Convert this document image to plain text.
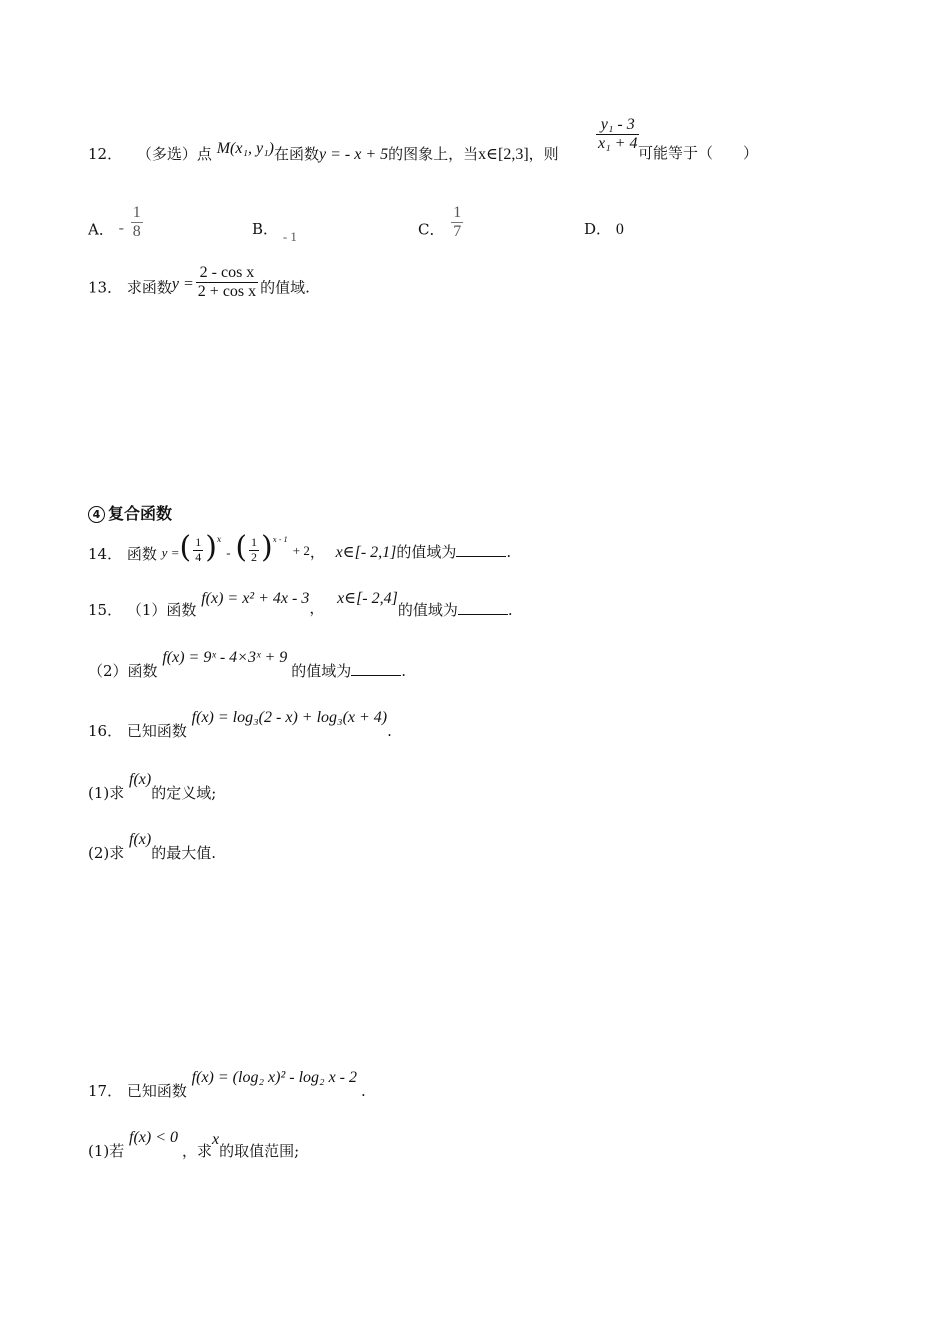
12． （多选）点 M(x₁, y₁)在函数y = - x + 5的图象上，当x∈[2,3]，则
$\frac{\text{y₁ - 3}}{\text{x₁ + 4}}$
可能等于（　　）
A． - $\frac{1}{8}$	B． - 1	C． $\frac{1}{7}$	D． 0
13． 求函数$y = \frac{\text{2 - cos x}}{\text{2 + cos x}}$ 的值域.
4 复合函数
14． 函数 y =( $\frac{1}{4} )^x$ - ( $\frac{1}{2} )^{x - 1} + 2$， x∈[- 2,1]的值域为	.
15． （1）函数 f(x) = x² + 4x - 3， x∈[- 2,4]的值域为	.
（2）函数 f(x) = 9ˣ - 4×3ˣ + 9的值域为	.
16． 已知函数 f(x) = log₃(2 - x) + log₃(x + 4).
(1)求 f(x)的定义域;
(2)求 f(x)的最大值.
17． 已知函数 f(x) = (log₂ x)² - log₂ x - 2.
(1)若 f(x) < 0，求x的取值范围;
